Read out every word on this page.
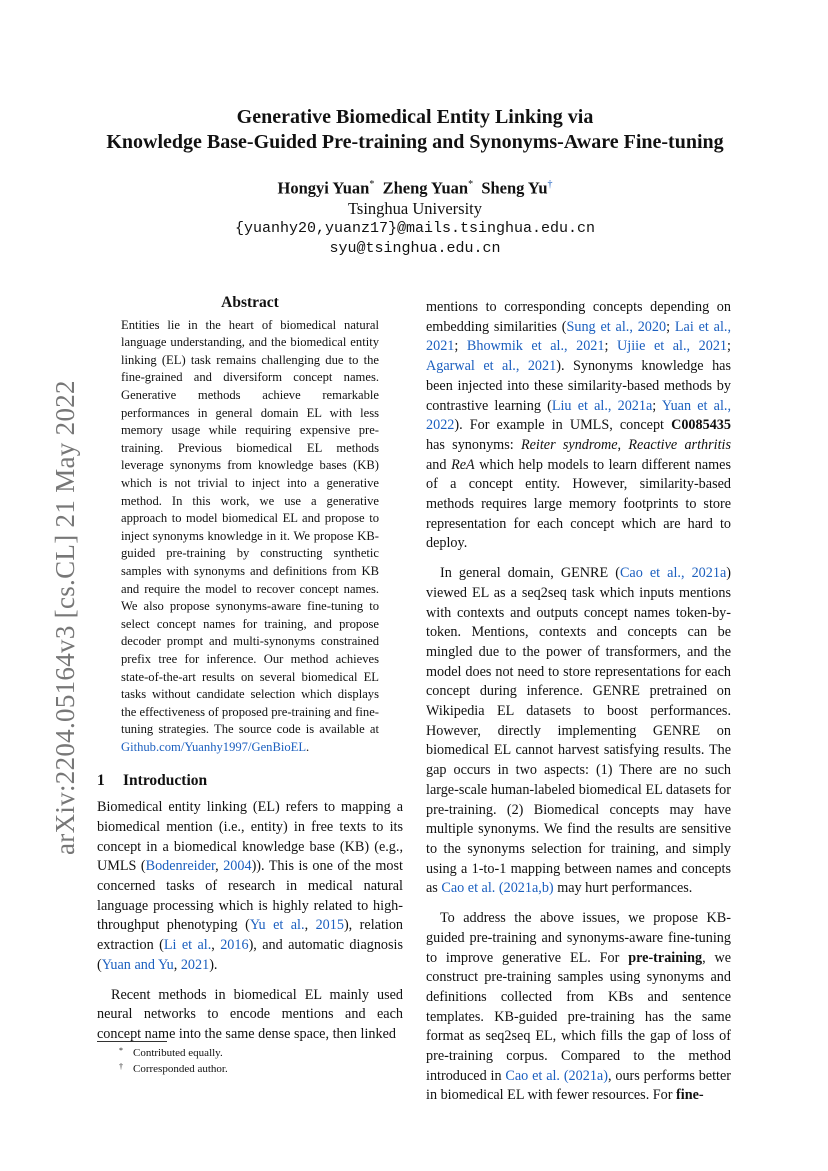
arXiv:2204.05164v3 [cs.CL] 21 May 2022
Generative Biomedical Entity Linking via
Knowledge Base-Guided Pre-training and Synonyms-Aware Fine-tuning
Hongyi Yuan* Zheng Yuan* Sheng Yu†
Tsinghua University
{yuanhy20,yuanz17}@mails.tsinghua.edu.cn
syu@tsinghua.edu.cn
Abstract

Entities lie in the heart of biomedical natural language understanding, and the biomedical entity linking (EL) task remains challenging due to the fine-grained and diversiform concept names. Generative methods achieve remarkable performances in general domain EL with less memory usage while requiring expensive pre-training. Previous biomedical EL methods leverage synonyms from knowledge bases (KB) which is not trivial to inject into a generative method. In this work, we use a generative approach to model biomedical EL and propose to inject synonyms knowledge in it. We propose KB-guided pre-training by constructing synthetic samples with synonyms and definitions from KB and require the model to recover concept names. We also propose synonyms-aware fine-tuning to select concept names for training, and propose decoder prompt and multi-synonyms constrained prefix tree for inference. Our method achieves state-of-the-art results on several biomedical EL tasks without candidate selection which displays the effectiveness of proposed pre-training and fine-tuning strategies. The source code is available at Github.com/Yuanhy1997/GenBioEL.

1 Introduction

Biomedical entity linking (EL) refers to mapping a biomedical mention (i.e., entity) in free texts to its concept in a biomedical knowledge base (KB) (e.g., UMLS (Bodenreider, 2004)). This is one of the most concerned tasks of research in medical natural language processing which is highly related to high-throughput phenotyping (Yu et al., 2015), relation extraction (Li et al., 2016), and automatic diagnosis (Yuan and Yu, 2021).

Recent methods in biomedical EL mainly used neural networks to encode mentions and each concept name into the same dense space, then linked

* Contributed equally.
† Corresponded author.

mentions to corresponding concepts depending on embedding similarities (Sung et al., 2020; Lai et al., 2021; Bhowmik et al., 2021; Ujiie et al., 2021; Agarwal et al., 2021). Synonyms knowledge has been injected into these similarity-based methods by contrastive learning (Liu et al., 2021a; Yuan et al., 2022). For example in UMLS, concept C0085435 has synonyms: Reiter syndrome, Reactive arthritis and ReA which help models to learn different names of a concept entity. However, similarity-based methods requires large memory footprints to store representation for each concept which are hard to deploy.

In general domain, GENRE (Cao et al., 2021a) viewed EL as a seq2seq task which inputs mentions with contexts and outputs concept names token-by-token. Mentions, contexts and concepts can be mingled due to the power of transformers, and the model does not need to store representations for each concept during inference. GENRE pretrained on Wikipedia EL datasets to boost performances. However, directly implementing GENRE on biomedical EL cannot harvest satisfying results. The gap occurs in two aspects: (1) There are no such large-scale human-labeled biomedical EL datasets for pre-training. (2) Biomedical concepts may have multiple synonyms. We find the results are sensitive to the synonyms selection for training, and simply using a 1-to-1 mapping between names and concepts as Cao et al. (2021a,b) may hurt performances.

To address the above issues, we propose KB-guided pre-training and synonyms-aware fine-tuning to improve generative EL. For pre-training, we construct pre-training samples using synonyms and definitions collected from KBs and sentence templates. KB-guided pre-training has the same format as seq2seq EL, which fills the gap of loss of pre-training corpus. Compared to the method introduced in Cao et al. (2021a), ours performs better in biomedical EL with fewer resources. For fine-
